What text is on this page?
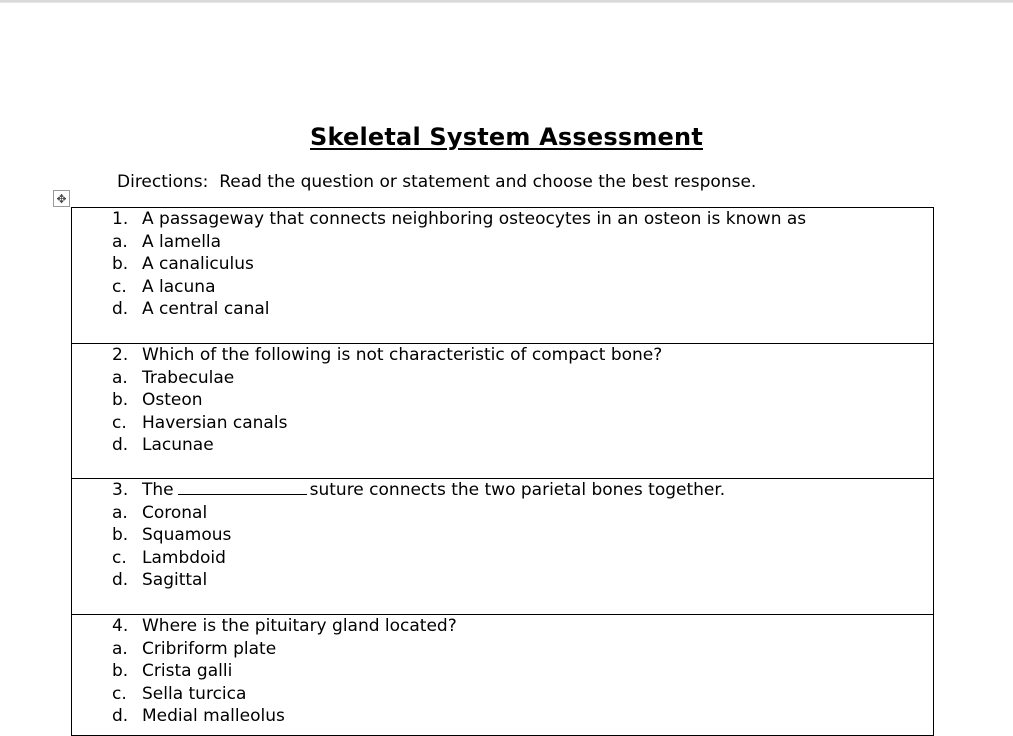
Skeletal System Assessment
Directions:  Read the question or statement and choose the best response.
✥
1. A passageway that connects neighboring osteocytes in an osteon is known as
a. A lamella
b. A canaliculus
c. A lacuna
d. A central canal

2. Which of the following is not characteristic of compact bone?
a. Trabeculae
b. Osteon
c. Haversian canals
d. Lacunae

3. The	suture connects the two parietal bones together.
a. Coronal
b. Squamous
c. Lambdoid
d. Sagittal

4. Where is the pituitary gland located?
a. Cribriform plate
b. Crista galli
c. Sella turcica
d. Medial malleolus
